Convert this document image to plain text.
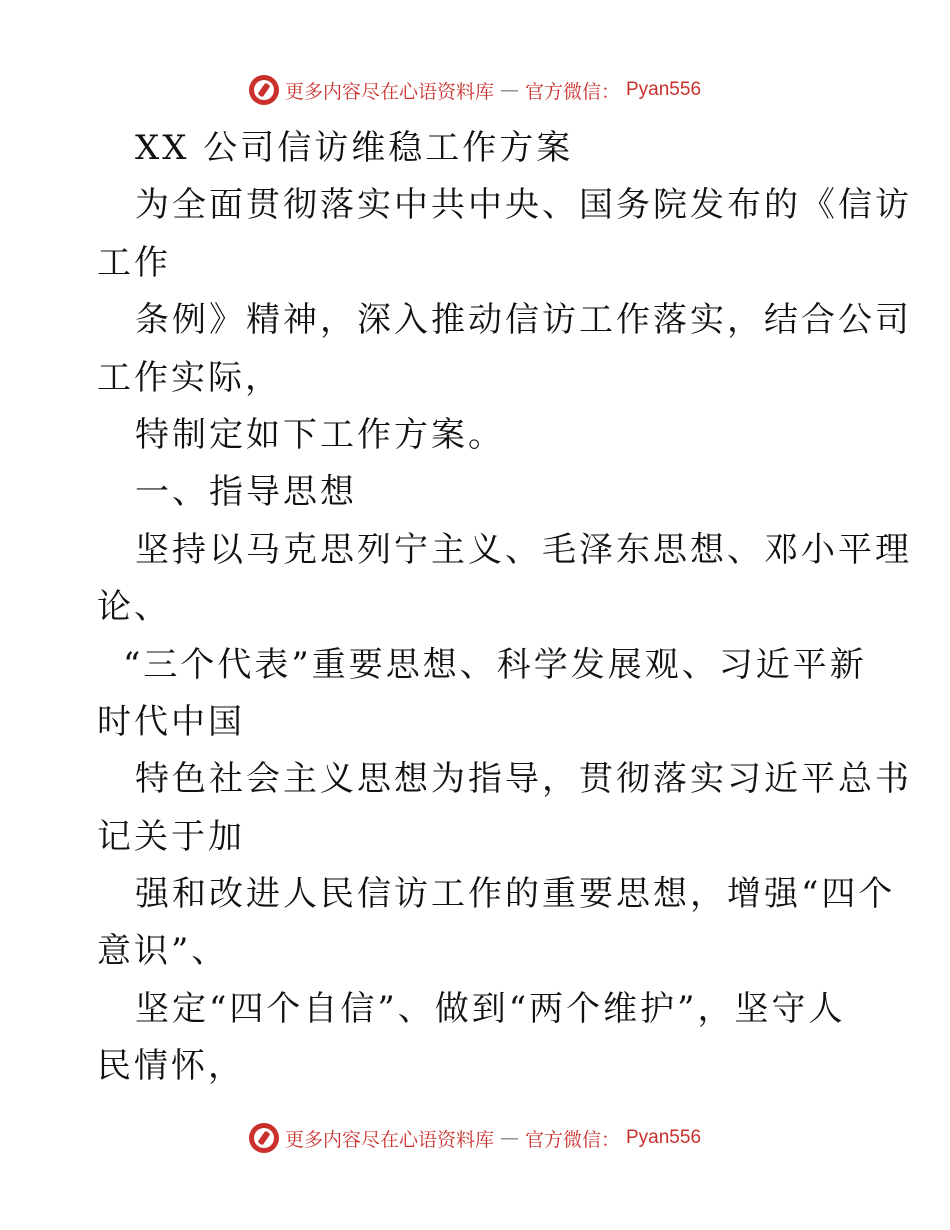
更多内容尽在心语资料库 — 官方微信： Pyan556
XX 公司信访维稳工作方案
为全面贯彻落实中共中央、国务院发布的《信访
工作
条例》精神，深入推动信访工作落实，结合公司
工作实际，
特制定如下工作方案。
一、指导思想
坚持以马克思列宁主义、毛泽东思想、邓小平理
论、
“三个代表”重要思想、科学发展观、习近平新
时代中国
特色社会主义思想为指导，贯彻落实习近平总书
记关于加
强和改进人民信访工作的重要思想，增强“四个
意识”、
坚定“四个自信”、做到“两个维护”，坚守人
民情怀，
更多内容尽在心语资料库 — 官方微信： Pyan556
